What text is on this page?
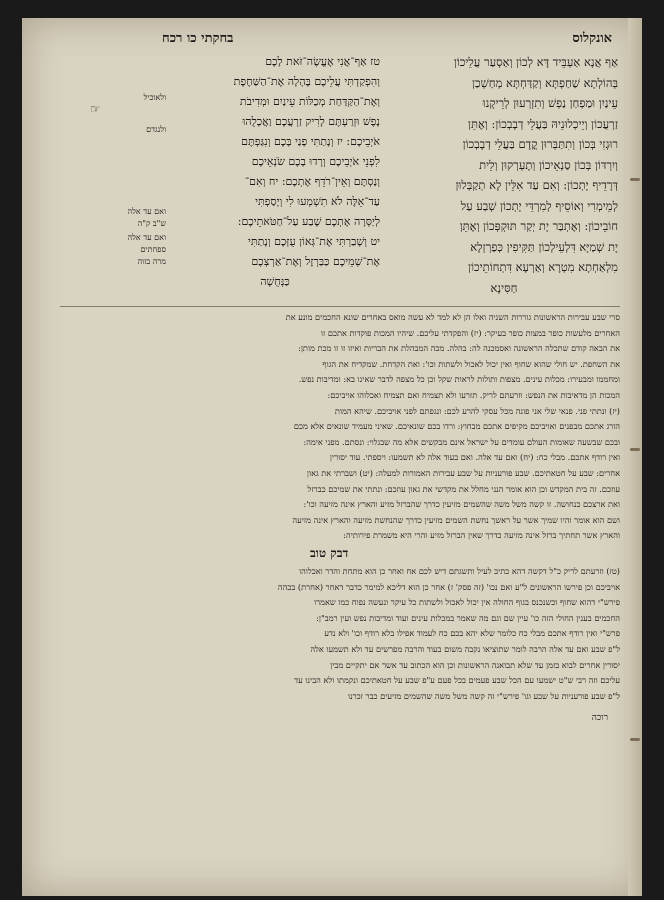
אונקלוס
בחקתי כו רכח
☞
אַף אֲנָא אַעְבֵּיד דָּא לְכוֹן וְאַסְעַר עֲלֵיכוֹן
בְּהוֹלְתָא שַׁחַפְתָּא וְקַדַּחְתָּא מְחַשְׁכַן
עֵינַיִן וּמַפְחַן נַפְשׁ וְתִזְרְעוּן לְרֵיקָנוּ
זַרְעֲכוֹן וְיֵיכְלוּנֵיהּ בַּעֲלֵי דְבָבְכוֹן: וְאֶתֵּן
רוּגְזִי בְּכוֹן וְתִתַּבְּרוּן קֳדָם בַּעֲלֵי דְבָבְכוֹן
וְיִרְדּוֹן בְּכוֹן סַנְאֵיכוֹן וְתֶעְרְקוּן וְלֵית
דְּרָדֵיף יָתְכוֹן: וְאִם עַד אִלֵּין לָא תְקַבְּלוּן
לְמֵימְרִי וְאוֹסֵיף לְמִרְדֵּי יָתְכוֹן שְׁבַע עַל
חוֹבֵיכוֹן: וְאֶתְבַּר יָת יְקַר תּוּקְפְּכוֹן וְאֶתֵּן
יָת שְׁמַיָּא דִּלְעֵילְכוֹן תַּקִּיפִין כְּפַרְזְלָא
מִלְאַחְתָא מִטְרָא וְאַרְעָא דִּתְחוֹתֵיכוֹן
חַסִּינָא
טז אַף־אֲנִי אֶעֱשֶׂה־זֹּאת לָכֶם
וְהִפְקַדְתִּי עֲלֵיכֶם בֶּהָלָה אֶת־הַשַּׁחֶפֶת
וְאֶת־הַקַּדַּחַת מְכַלּוֹת עֵינַיִם וּמְדִיבֹת
נָפֶשׁ וּזְרַעְתֶּם לָרִיק זַרְעֲכֶם וַאֲכָלֻהוּ
אֹיְבֵיכֶם: יז וְנָתַתִּי פָנַי בָּכֶם וְנִגַּפְתֶּם
לִפְנֵי אֹיְבֵיכֶם וְרָדוּ בָכֶם שֹׂנְאֵיכֶם
וְנַסְתֶּם וְאֵין־רֹדֵף אֶתְכֶם: יח וְאִם־
עַד־אֵלֶּה לֹא תִשְׁמְעוּ לִי וְיָסַפְתִּי
לְיַסְּרָה אֶתְכֶם שֶׁבַע עַל־חַטֹּאתֵיכֶם:
יט וְשָׁבַרְתִּי אֶת־גְּאוֹן עֻזְּכֶם וְנָתַתִּי
אֶת־שְׁמֵיכֶם כַּבַּרְזֶל וְאֶת־אַרְצְכֶם
כַּנְּחֻשָׁה
ולאוכיל
ולנגדם
ואם עד אלה
ש"ב ק"ה
ואם עד אלה
ספחתים
מרה בזוה
סרי שבע עבירות הראשונות גוררות השניה ואלו הן לא למד לא עשה מואס באחרים שונא החכמים מונע את
האחרים מלעשות כופר במצות כופר בעיקר: (יז) והפקדתי עליכם. שיהיו המכות פוקדות אתכם זו
את הבאה קודם שתכלה הראשונה ואסמכנה לה: בהלה. מכה המבהלת את הבריות ואיזו זו זו מכת מותן:
את השחפת. יש חולי שהוא שחוף ואין יכול לאכול ולשתות וכו': ואת הקדחת. שמקדיח את הגוף
ומחממו ומבעירו: מכלות עינים. מצפות ותולות לראות שקל וכן כל מצפה לדבר שאינו בא: ומדיבות נפש.
המכות הן מדאיבות את הנפש: וזרעתם לריק. תזרעו ולא תצמיח ואם תצמיח ואכלוהו אויביכם:
(יז) ונתתי פני. פנאי שלי אני פונה מכל עסקי להרע לכם: ונגפתם לפני אויביכם. שיהא המות
הורג אתכם מבפנים ואויביכם מקיפים אתכם מבחוץ: ורדו בכם שונאיכם. שאיני מעמיד שונאים אלא מכם
ובכם שבשעה שאומות העולם עומדים על ישראל אינם מבקשים אלא מה שבגלוי: ונסתם. מפני אימה:
ואין רודף אתכם. מבלי כח: (יח) ואם עד אלה. ואם בעוד אלה לא תשמעו: ויספתי. עוד יסורין
אחרים: שבע על חטאתיכם. שבע פורעניות על שבע עבירות האמורות למעלה: (יט) ושברתי את גאון
עוזכם. זה בית המקדש וכן הוא אומר הנני מחלל את מקדשי את גאון עוזכם: ונתתי את שמיכם כברזל
ואת ארצכם כנחושה. זו קשה משל משה שהשמים מזיעין כדרך שהברזל מזיע והארץ אינה מזיעה וכו':
ושם הוא אומר והיו שמיך אשר על ראשך נחשת השמים מזיעין כדרך שהנחשת מזיעה והארץ אינה מזיעה
והארץ אשר תחתיך ברזל אינה מזיעה כדרך שאין הברזל מזיע והרי היא משמרת פירותיה:
דבק טוב
(טז) וזרעתם לריק כ"ל דקשה דהא כתיב לעיל ותשגתם דיש לכם אח ואחר כן הוא מתחת והדר ואכלוהו
אויביכם וכן פירשו הראשונים ל"ע ואם נכו' (זה פסק' ז) אחר כן הוא דליכא למימר כדבר דאחר (אחרת) בכהה
פירש"י דהוא שחוף וכשנכנס בגוף החולה אין יכול לאכול ולשתות כל עיקר ונעשה נפוח כמו שאמרו
החכמים בענין החולי הזה כו' עיין שם וגם מה שאמר במכלות עינים ועוד ומדיבות נפש ועין רמב"ן:
פרש"י ואין רודף אתכם מבלי כח כלומר שלא יהא בכם כח לעמוד אפילו בלא רודף וכו' ולא נדע
ל"פ שבע ואם עד אלה הרבה לומר שתוציאו נקבה משום בעוד והרבה מפרשים עד ולא תשמעו אלה
יסורין אחרים לבוא בזמן עד שלא תבואנה הראשונות וכן הוא הכתוב עד אשר אם יתקיים מבין
עליכם וזה רבי ש"ט ישמעו עם הכל שבע פעמים בכל פעם ע"פ שבע על חטאתיכם ונקמתו ולא הבינו עד
ל"פ שבע פורעניות על שבע וגו' פירש"י זה קשה משל משה שהשמים מזיעים כבר זכרנו
רוכה
